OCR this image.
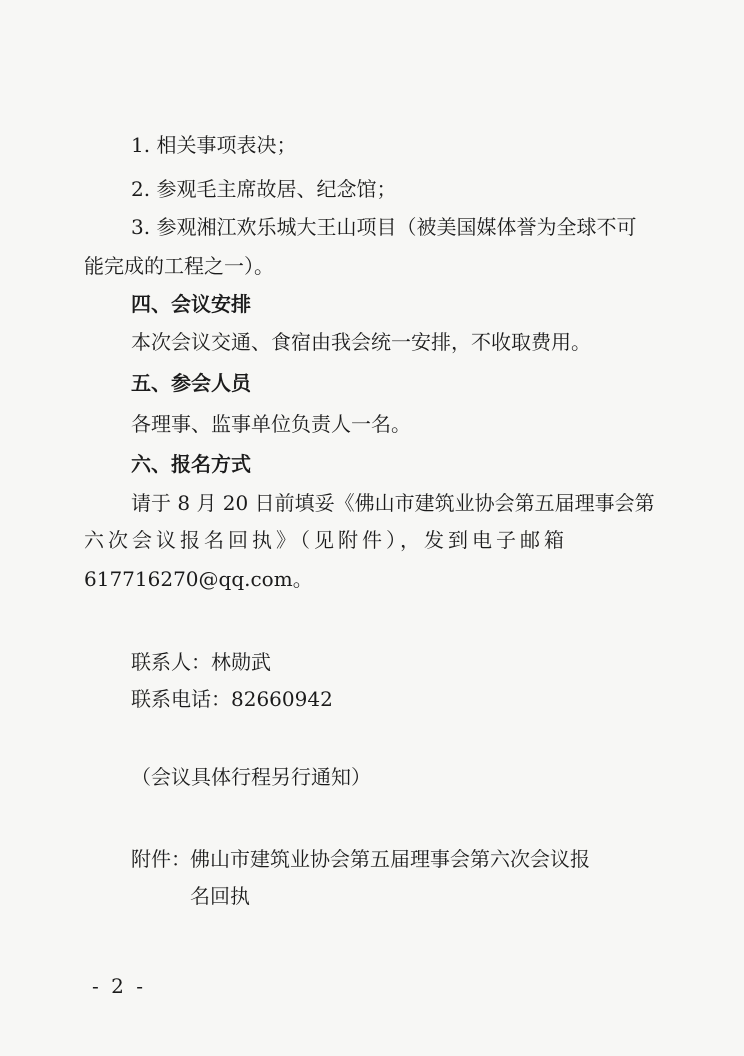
1. 相关事项表决；
2. 参观毛主席故居、纪念馆；
3. 参观湘江欢乐城大王山项目（被美国媒体誉为全球不可
能完成的工程之一）。
四、会议安排
本次会议交通、食宿由我会统一安排，不收取费用。
五、参会人员
各理事、监事单位负责人一名。
六、报名方式
请于 8 月 20 日前填妥《佛山市建筑业协会第五届理事会第
六次会议报名回执》（见附件），发到电子邮箱
617716270@qq.com。
联系人：林勋武
联系电话：82660942
（会议具体行程另行通知）
附件： 佛山市建筑业协会第五届理事会第六次会议报
名回执
- 2 -
